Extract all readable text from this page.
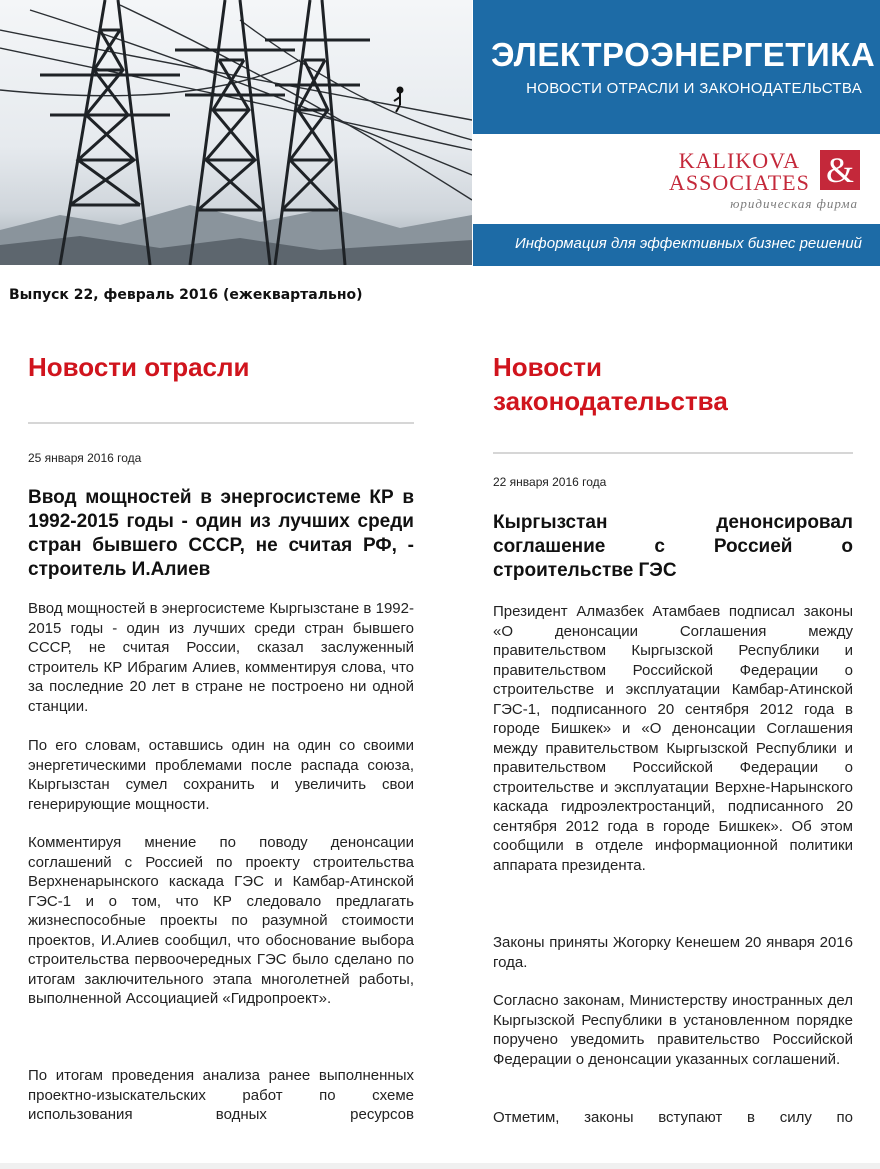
ЭЛЕКТРОЭНЕРГЕТИКА
НОВОСТИ ОТРАСЛИ И ЗАКОНОДАТЕЛЬСТВА
KALIKOVA
ASSOCIATES &
юридическая фирма
Информация для эффективных бизнес решений
Выпуск 22, февраль 2016 (ежеквартально)
Новости отрасли
25 января 2016 года
Ввод мощностей в энергосистеме КР в 1992-2015 годы - один из лучших среди стран бывшего СССР, не считая РФ, - строитель И.Алиев
Ввод мощностей в энергосистеме Кыргызстане в 1992-2015 годы - один из лучших среди стран бывшего СССР, не считая России, сказал заслуженный строитель КР Ибрагим Алиев, комментируя слова, что за последние 20 лет в стране не построено ни одной станции.
По его словам, оставшись один на один со своими энергетическими проблемами после распада союза, Кыргызстан сумел сохранить и увеличить свои генерирующие мощности.
Комментируя мнение по поводу денонсации соглашений с Россией по проекту строительства Верхненарынского каскада ГЭС и Камбар-Атинской ГЭС-1 и о том, что КР следовало предлагать жизнеспособные проекты по разумной стоимости проектов, И.Алиев сообщил, что обоснование выбора строительства первоочередных ГЭС было сделано по итогам заключительного этапа многолетней работы, выполненной Ассоциацией «Гидропроект».
По итогам проведения анализа ранее выполненных проектно-изыскательских работ по схеме использования водных ресурсов
Новости
законодательства
22 января 2016 года
Кыргызстан денонсировал соглашение с Россией о строительстве ГЭС
Президент Алмазбек Атамбаев подписал законы «О денонсации Соглашения между правительством Кыргызской Республики и правительством Российской Федерации о строительстве и эксплуатации Камбар-Атинской ГЭС-1, подписанного 20 сентября 2012 года в городе Бишкек» и «О денонсации Соглашения между правительством Кыргызской Республики и правительством Российской Федерации о строительстве и эксплуатации Верхне-Нарынского каскада гидроэлектростанций, подписанного 20 сентября 2012 года в городе Бишкек». Об этом сообщили в отделе информационной политики аппарата президента.
Законы приняты Жогорку Кенешем 20 января 2016 года.
Согласно законам, Министерству иностранных дел Кыргызской Республики в установленном порядке поручено уведомить правительство Российской Федерации о денонсации указанных соглашений.
Отметим, законы вступают в силу по
